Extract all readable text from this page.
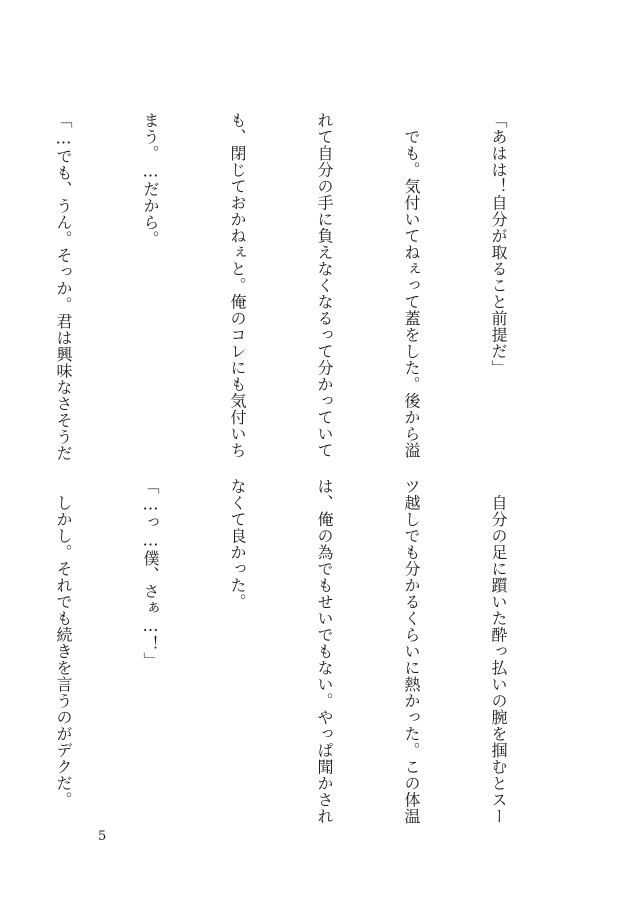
「あはは！自分が取ること前提だ」

　でも。気付いてねぇって蓋をした。後から溢

れて自分の手に負えなくなるって分かっていて

も、閉じておかねぇと。俺のコレにも気付いち

まう。…だから。

「…でも、うん。そっか。君は興味なさそうだ

　自分の足に躓いた酔っ払いの腕を掴むとスー

ツ越しでも分かるくらいに熱かった。この体温

は、俺の為でもせいでもない。やっぱ聞かされ

なくて良かった。

「…っ…僕、さぁ…！」

　しかし。それでも続きを言うのがデクだ。

5
